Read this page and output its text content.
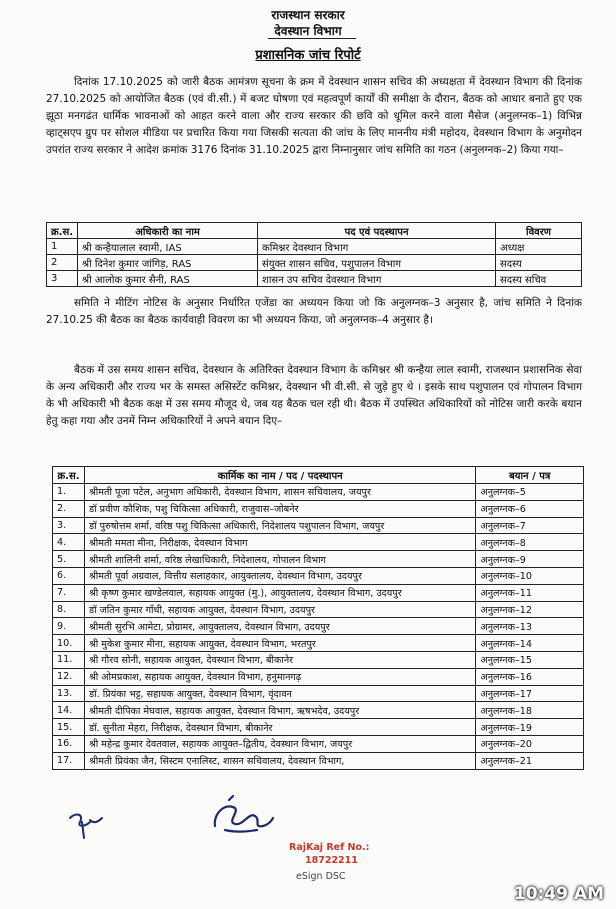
राजस्थान सरकार
देवस्थान विभाग
प्रशासनिक जांच रिपोर्ट

दिनांक 17.10.2025 को जारी बैठक आमंत्रण सूचना के क्रम में देवस्थान शासन सचिव की अध्यक्षता में देवस्थान विभाग की दिनांक 27.10.2025 को आयोजित बैठक (एवं वी.सी.) में बजट घोषणा एवं महत्वपूर्ण कार्यों की समीक्षा के दौरान, बैठक को आधार बनाते हुए एक झूठा मनगढंत धार्मिक भावनाओं को आहत करने वाला और राज्य सरकार की छवि को धूमिल करने वाला मैसेज (अनुलग्नक–1) विभिन्न व्हाट्सएप ग्रुप पर सोशल मीडिया पर प्रचारित किया गया जिसकी सत्यता की जांच के लिए माननीय मंत्री महोदय, देवस्थान विभाग के अनुमोदन उपरांत राज्य सरकार ने आदेश क्रमांक 3176 दिनांक 31.10.2025 द्वारा निम्नानुसार जांच समिति का गठन (अनुलग्नक–2) किया गया–

क्र.स.	अधिकारी का नाम	पद एवं पदस्थापन	विवरण
1	श्री कन्हैयालाल स्वामी, IAS	कमिश्नर देवस्थान विभाग	अध्यक्ष
2	श्री दिनेश कुमार जांगिड़, RAS	संयुक्त शासन सचिव, पशुपालन विभाग	सदस्य
3	श्री आलोक कुमार सैनी, RAS	शासन उप सचिव देवस्थान विभाग	सदस्य सचिव

समिति ने मीटिंग नोटिस के अनुसार निर्धारित एजेंडा का अध्ययन किया जो कि अनुलग्नक–3 अनुसार है, जांच समिति ने दिनांक 27.10.25 की बैठक का बैठक कार्यवाही विवरण का भी अध्ययन किया, जो अनुलग्नक–4 अनुसार है।

बैठक में उस समय शासन सचिव, देवस्थान के अतिरिक्त देवस्थान विभाग के कमिश्नर श्री कन्हैया लाल स्वामी, राजस्थान प्रशासनिक सेवा के अन्य अधिकारी और राज्य भर के समस्त असिस्टेंट कमिश्नर, देवस्थान भी वी.सी. से जुड़े हुए थे । इसके साथ पशुपालन एवं गोपालन विभाग के भी अधिकारी भी बैठक कक्ष में उस समय मौजूद थे, जब यह बैठक चल रही थी। बैठक में उपस्थित अधिकारियों को नोटिस जारी करके बयान हेतु कहा गया और उनमें निम्न अधिकारियों ने अपने बयान दिए–

क्र.स.	कार्मिक का नाम / पद / पदस्थापन	बयान / पत्र
1.	श्रीमती पूजा पटेल, अनुभाग अधिकारी, देवस्थान विभाग, शासन सचिवालय, जयपुर	अनुलग्नक–5
2.	डॉ प्रवीण कौशिक, पशु चिकित्सा अधिकारी, राजुवास–जोबनेर	अनुलग्नक–6
3.	डॉ पुरुषोत्तम शर्मा, वरिष्ठ पशु चिकित्सा अधिकारी, निदेशालय पशुपालन विभाग, जयपुर	अनुलग्नक–7
4.	श्रीमती ममता मीना, निरीक्षक, देवस्थान विभाग	अनुलग्नक–8
5.	श्रीमती शालिनी शर्मा, वरिष्ठ लेखाधिकारी, निदेशालय, गोपालन विभाग	अनुलग्नक–9
6.	श्रीमती पूर्वा अग्रवाल, वित्तीय सलाहकार, आयुक्तालय, देवस्थान विभाग, उदयपुर	अनुलग्नक–10
7.	श्री कृष्ण कुमार खण्डेलवाल, सहायक आयुक्त (मु.), आयुक्तालय, देवस्थान विभाग, उदयपुर	अनुलग्नक–11
8.	डॉ जतिन कुमार गाँधी, सहायक आयुक्त, देवस्थान विभाग, उदयपुर	अनुलग्नक–12
9.	श्रीमती सुरभि आमेटा, प्रोग्रामर, आयुक्तालय, देवस्थान विभाग, उदयपुर	अनुलग्नक–13
10.	श्री मुकेश कुमार मीना, सहायक आयुक्त, देवस्थान विभाग, भरतपुर	अनुलग्नक–14
11.	श्री गौरव सोनी, सहायक आयुक्त, देवस्थान विभाग, बीकानेर	अनुलग्नक–15
12.	श्री ओमप्रकाश, सहायक आयुक्त, देवस्थान विभाग, हनुमानगढ़	अनुलग्नक–16
13.	डॉ. प्रियंका भट्ट, सहायक आयुक्त, देवस्थान विभाग, वृंदावन	अनुलग्नक–17
14.	श्रीमती दीपिका मेघवाल, सहायक आयुक्त, देवस्थान विभाग, ऋषभदेव, उदयपुर	अनुलग्नक–18
15.	डॉ. सुनीता मेहरा, निरीक्षक, देवस्थान विभाग, बीकानेर	अनुलग्नक–19
16.	श्री महेन्द्र कुमार देवतवाल, सहायक आयुक्त–द्वितीय, देवस्थान विभाग, जयपुर	अनुलग्नक–20
17.	श्रीमती प्रियंका जैन, सिस्टम एनालिस्ट, शासन सचिवालय, देवस्थान विभाग,	अनुलग्नक–21
RajKaj Ref No.:
18722211
eSign DSC
10:49 AM
